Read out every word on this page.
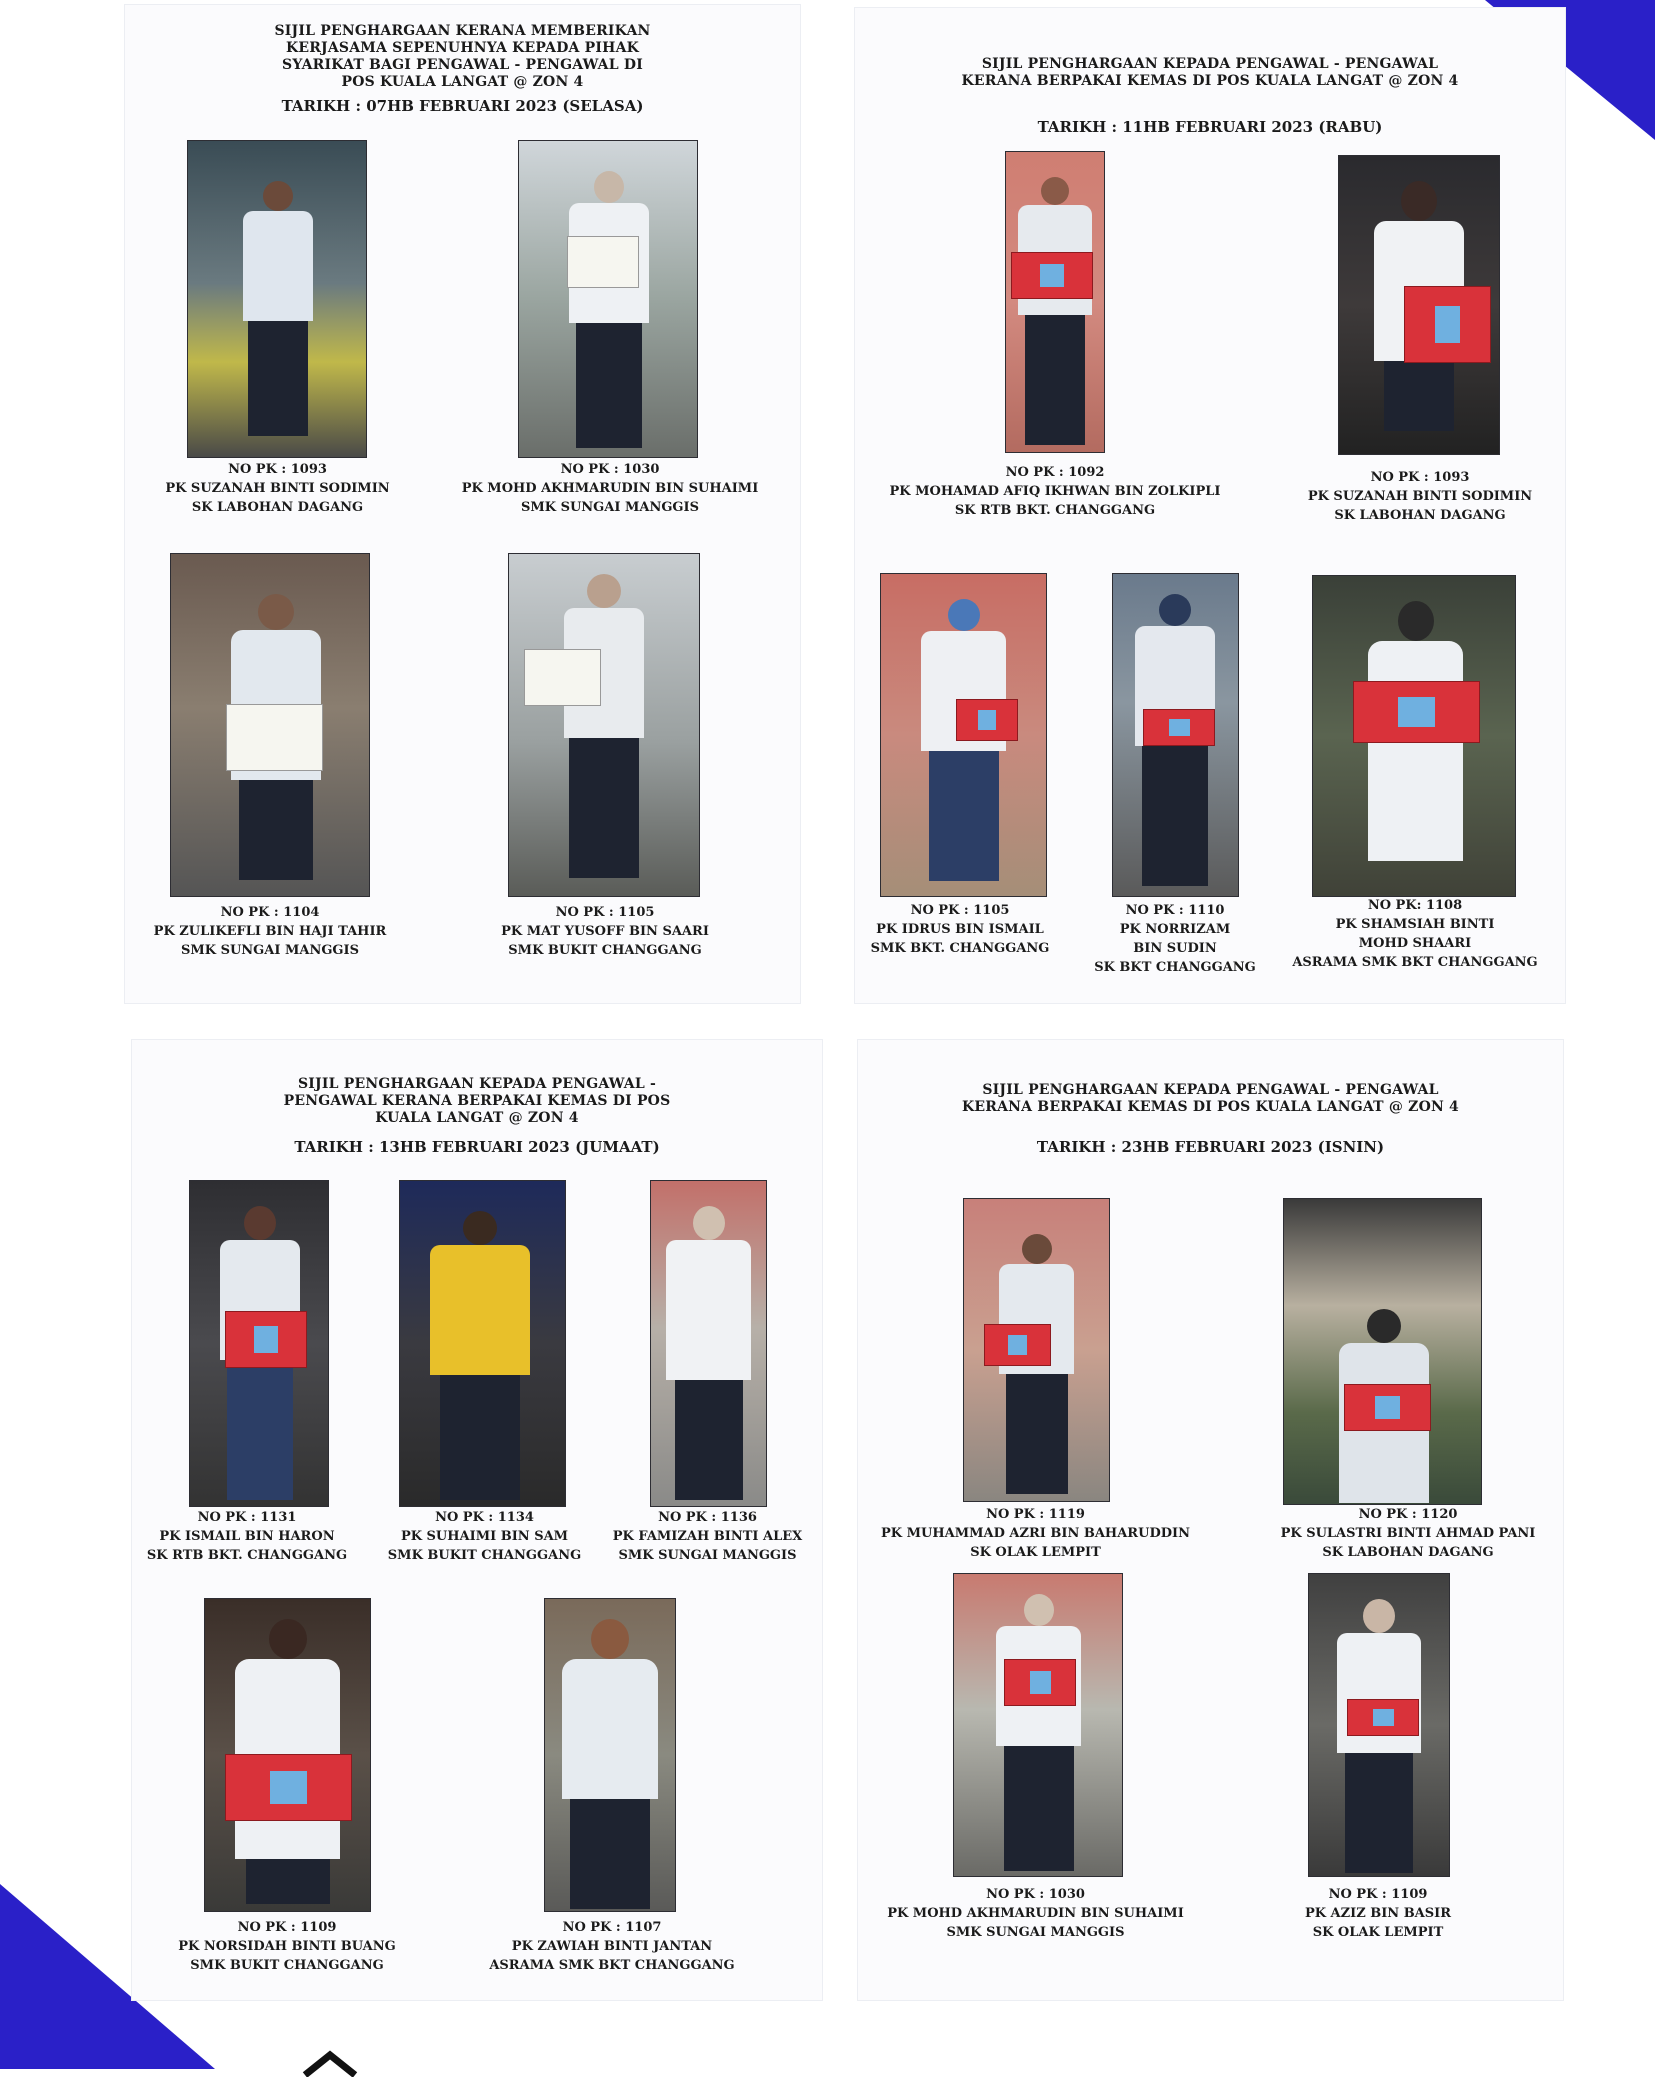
SIJIL PENGHARGAAN KERANA MEMBERIKAN KERJASAMA SEPENUHNYA KEPADA PIHAK SYARIKAT BAGI PENGAWAL - PENGAWAL DI POS KUALA LANGAT @ ZON 4
TARIKH : 07HB FEBRUARI 2023 (SELASA)
NO PK : 1093
PK SUZANAH BINTI SODIMIN
SK LABOHAN DAGANG
NO PK : 1030
PK MOHD AKHMARUDIN BIN SUHAIMI
SMK SUNGAI MANGGIS
NO PK : 1104
PK ZULIKEFLI BIN HAJI TAHIR
SMK SUNGAI MANGGIS
NO PK : 1105
PK MAT YUSOFF BIN SAARI
SMK BUKIT CHANGGANG
SIJIL PENGHARGAAN KEPADA PENGAWAL - PENGAWAL KERANA BERPAKAI KEMAS DI POS KUALA LANGAT @ ZON 4
TARIKH : 11HB FEBRUARI 2023 (RABU)
NO PK : 1092
PK MOHAMAD AFIQ IKHWAN BIN ZOLKIPLI
SK RTB BKT. CHANGGANG
NO PK : 1093
PK SUZANAH BINTI SODIMIN
SK LABOHAN DAGANG
NO PK : 1105
PK IDRUS BIN ISMAIL
SMK BKT. CHANGGANG
NO PK : 1110
PK NORRIZAM
BIN SUDIN
SK BKT CHANGGANG
NO PK: 1108
PK SHAMSIAH BINTI
MOHD SHAARI
ASRAMA SMK BKT CHANGGANG
SIJIL PENGHARGAAN KEPADA PENGAWAL - PENGAWAL KERANA BERPAKAI KEMAS DI POS KUALA LANGAT @ ZON 4
TARIKH : 13HB FEBRUARI 2023 (JUMAAT)
NO PK : 1131
PK ISMAIL BIN HARON
SK RTB BKT. CHANGGANG
NO PK : 1134
PK SUHAIMI BIN SAM
SMK BUKIT CHANGGANG
NO PK : 1136
PK FAMIZAH BINTI ALEX
SMK SUNGAI MANGGIS
NO PK : 1109
PK NORSIDAH BINTI BUANG
SMK BUKIT CHANGGANG
NO PK : 1107
PK ZAWIAH BINTI JANTAN
ASRAMA SMK BKT CHANGGANG
SIJIL PENGHARGAAN KEPADA PENGAWAL - PENGAWAL KERANA BERPAKAI KEMAS DI POS KUALA LANGAT @ ZON 4
TARIKH : 23HB FEBRUARI 2023 (ISNIN)
NO PK : 1119
PK MUHAMMAD AZRI BIN BAHARUDDIN
SK OLAK LEMPIT
NO PK : 1120
PK SULASTRI BINTI AHMAD PANI
SK LABOHAN DAGANG
NO PK : 1030
PK MOHD AKHMARUDIN BIN SUHAIMI
SMK SUNGAI MANGGIS
NO PK : 1109
PK AZIZ BIN BASIR
SK OLAK LEMPIT
